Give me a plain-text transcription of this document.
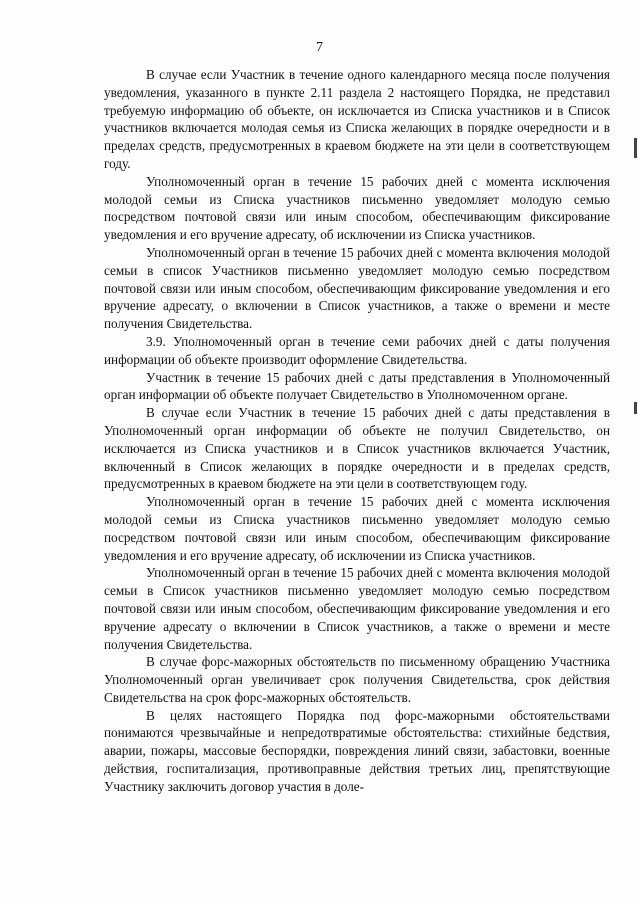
7

В случае если Участник в течение одного календарного месяца после получения уведомления, указанного в пункте 2.11 раздела 2 настоящего Порядка, не представил требуемую информацию об объекте, он исключается из Списка участников и в Список участников включается молодая семья из Списка желающих в порядке очередности и в пределах средств, предусмотренных в краевом бюджете на эти цели в соответствующем году.

Уполномоченный орган в течение 15 рабочих дней с момента исключения молодой семьи из Списка участников письменно уведомляет молодую семью посредством почтовой связи или иным способом, обеспечивающим фиксирование уведомления и его вручение адресату, об исключении из Списка участников.

Уполномоченный орган в течение 15 рабочих дней с момента включения молодой семьи в список Участников письменно уведомляет молодую семью посредством почтовой связи или иным способом, обеспечивающим фиксирование уведомления и его вручение адресату, о включении в Список участников, а также о времени и месте получения Свидетельства.

3.9. Уполномоченный орган в течение семи рабочих дней с даты получения информации об объекте производит оформление Свидетельства.

Участник в течение 15 рабочих дней с даты представления в Уполномоченный орган информации об объекте получает Свидетельство в Уполномоченном органе.

В случае если Участник в течение 15 рабочих дней с даты представления в Уполномоченный орган информации об объекте не получил Свидетельство, он исключается из Списка участников и в Список участников включается Участник, включенный в Список желающих в порядке очередности и в пределах средств, предусмотренных в краевом бюджете на эти цели в соответствующем году.

Уполномоченный орган в течение 15 рабочих дней с момента исключения молодой семьи из Списка участников письменно уведомляет молодую семью посредством почтовой связи или иным способом, обеспечивающим фиксирование уведомления и его вручение адресату, об исключении из Списка участников.

Уполномоченный орган в течение 15 рабочих дней с момента включения молодой семьи в Список участников письменно уведомляет молодую семью посредством почтовой связи или иным способом, обеспечивающим фиксирование уведомления и его вручение адресату о включении в Список участников, а также о времени и месте получения Свидетельства.

В случае форс-мажорных обстоятельств по письменному обращению Участника Уполномоченный орган увеличивает срок получения Свидетельства, срок действия Свидетельства на срок форс-мажорных обстоятельств.

В целях настоящего Порядка под форс-мажорными обстоятельствами понимаются чрезвычайные и непредотвратимые обстоятельства: стихийные бедствия, аварии, пожары, массовые беспорядки, повреждения линий связи, забастовки, военные действия, госпитализация, противоправные действия третьих лиц, препятствующие Участнику заключить договор участия в доле-
